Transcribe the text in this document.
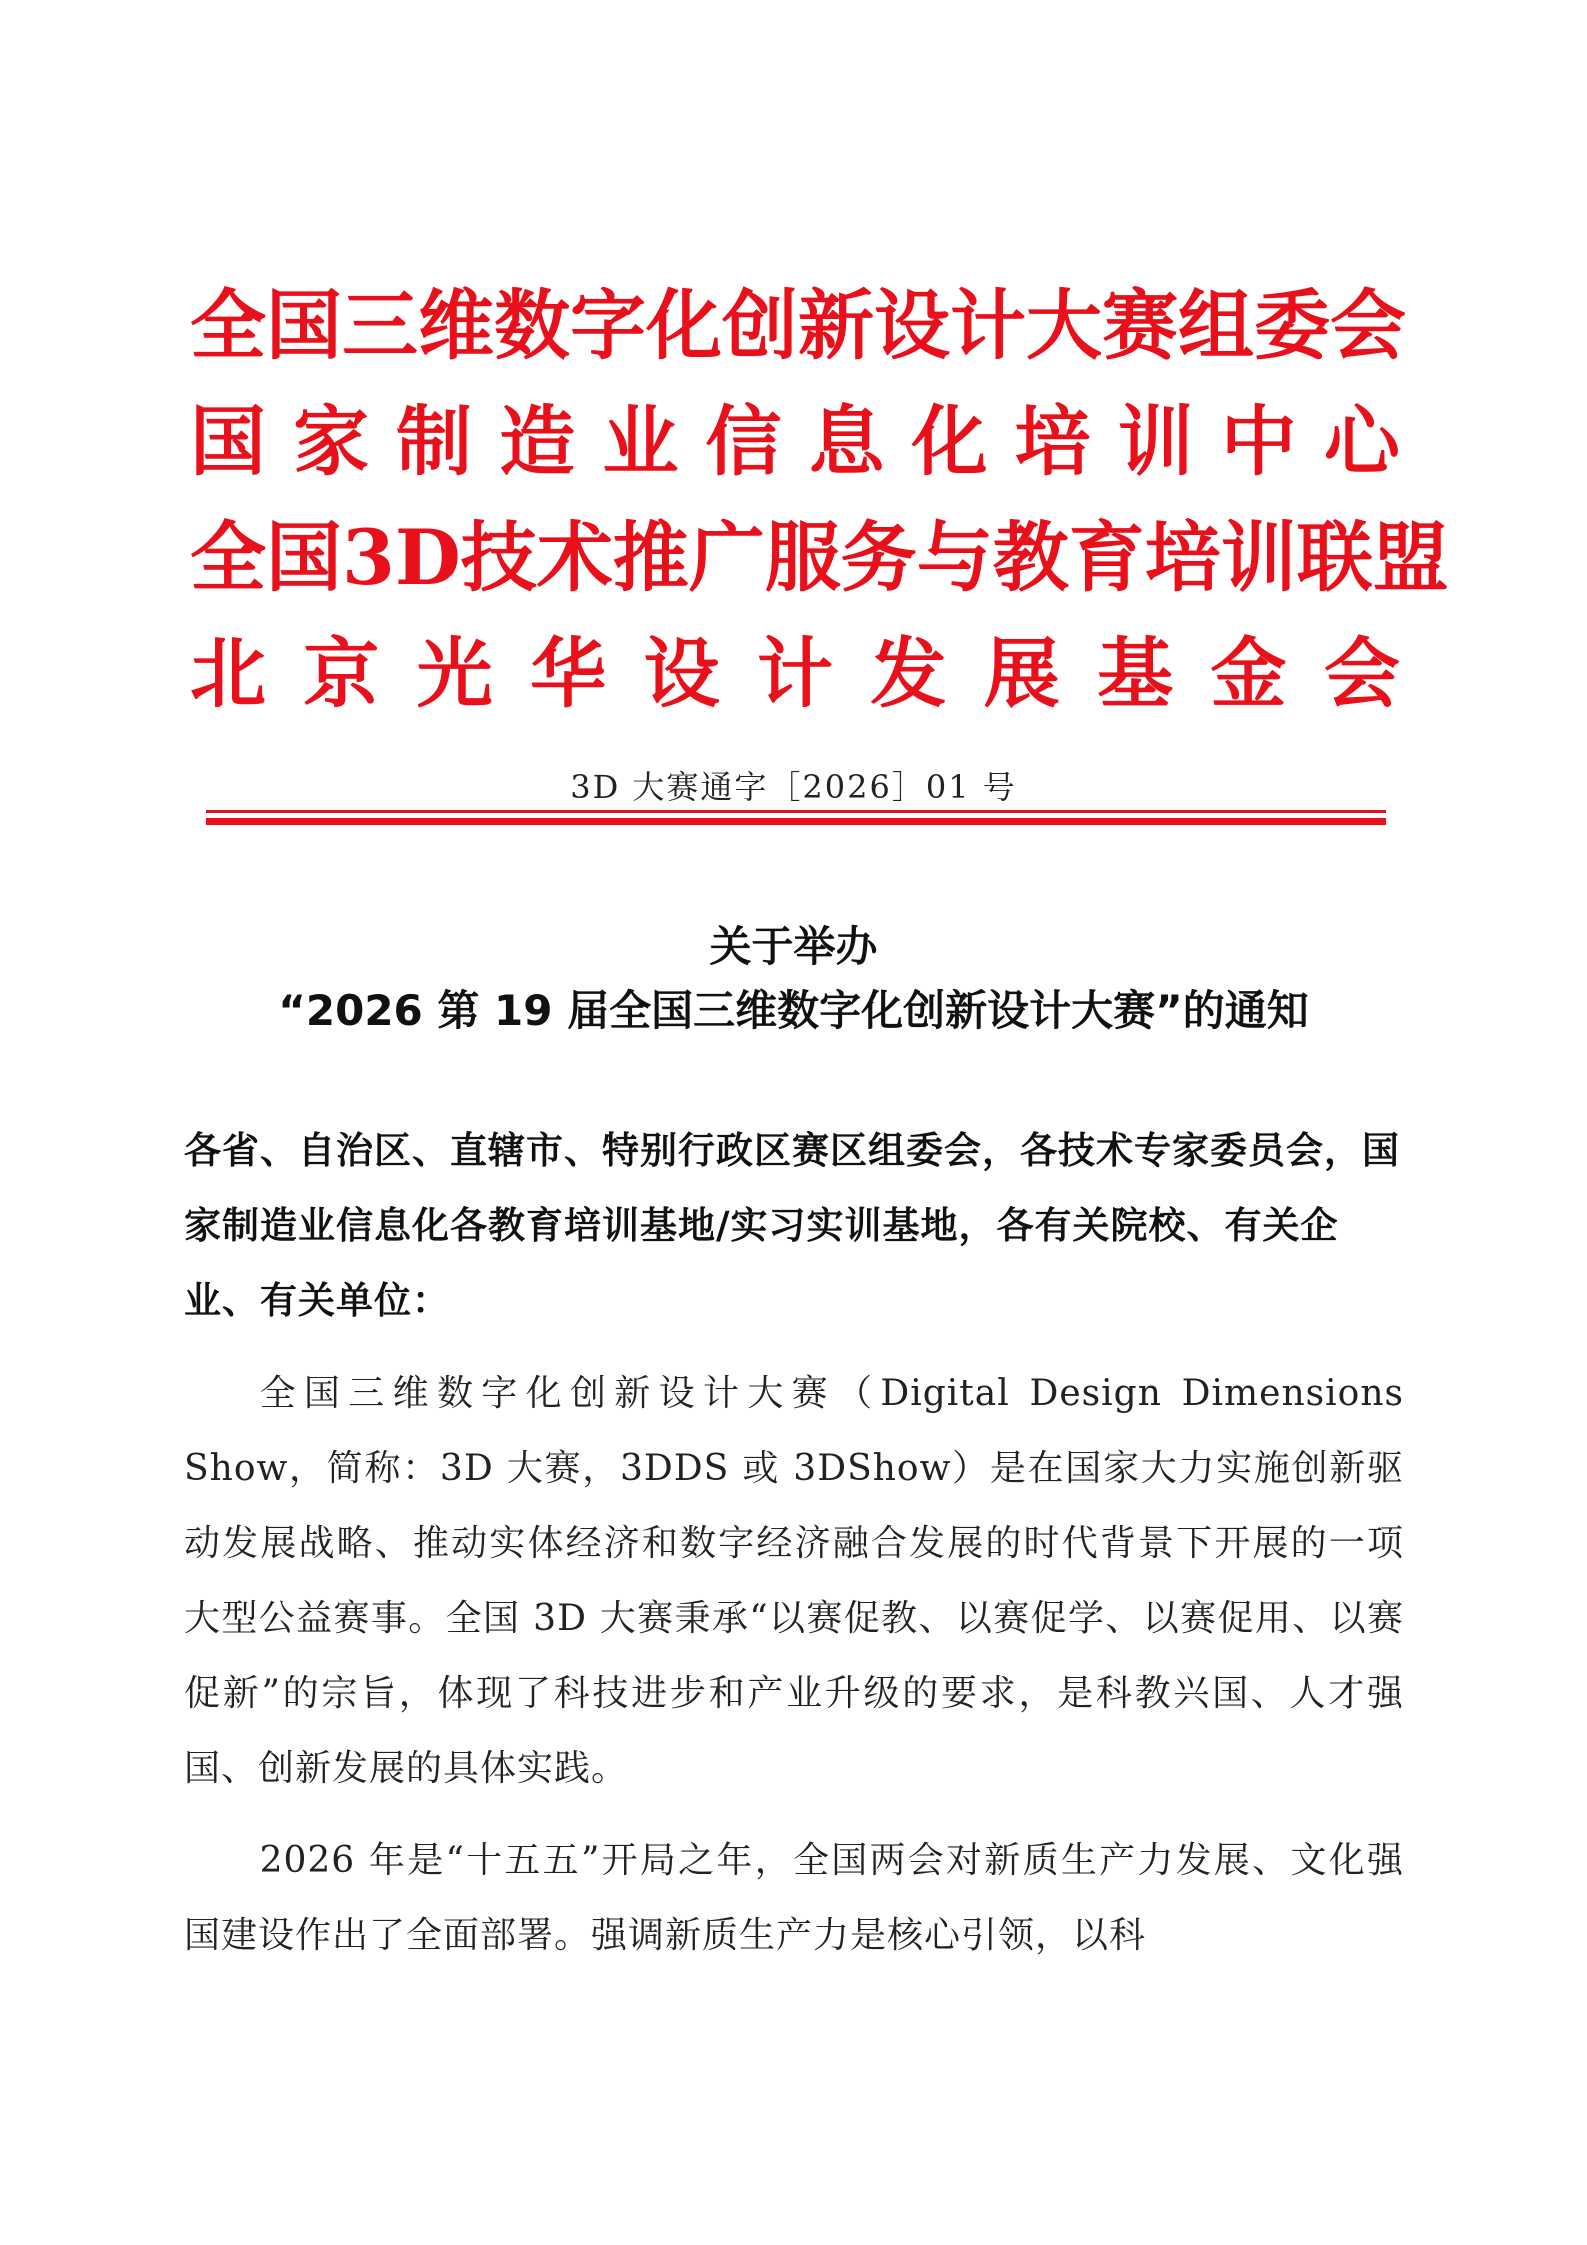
全 国 三 维 数 字 化 创 新 设 计 大 赛 组 委 会
国 家 制 造 业 信 息 化 培 训 中 心
全 国 3D 技 术 推 广 服 务 与 教 育 培 训 联 盟
北 京 光 华 设 计 发 展 基 金 会
3D 大赛通字［2026］01 号
关于举办
“2026 第 19 届全国三维数字化创新设计大赛”的通知
各省、自治区、直辖市、特别行政区赛区组委会，各技术专家委员会，国家制造业信息化各教育培训基地/实习实训基地，各有关院校、有关企业、有关单位：
全国三维数字化创新设计大赛（Digital Design Dimensions Show，简称：3D 大赛，3DDS 或 3DShow）是在国家大力实施创新驱动发展战略、推动实体经济和数字经济融合发展的时代背景下开展的一项大型公益赛事。全国 3D 大赛秉承“以赛促教、以赛促学、以赛促用、以赛促新”的宗旨，体现了科技进步和产业升级的要求，是科教兴国、人才强国、创新发展的具体实践。
2026 年是“十五五”开局之年，全国两会对新质生产力发展、文化强国建设作出了全面部署。强调新质生产力是核心引领，以科
